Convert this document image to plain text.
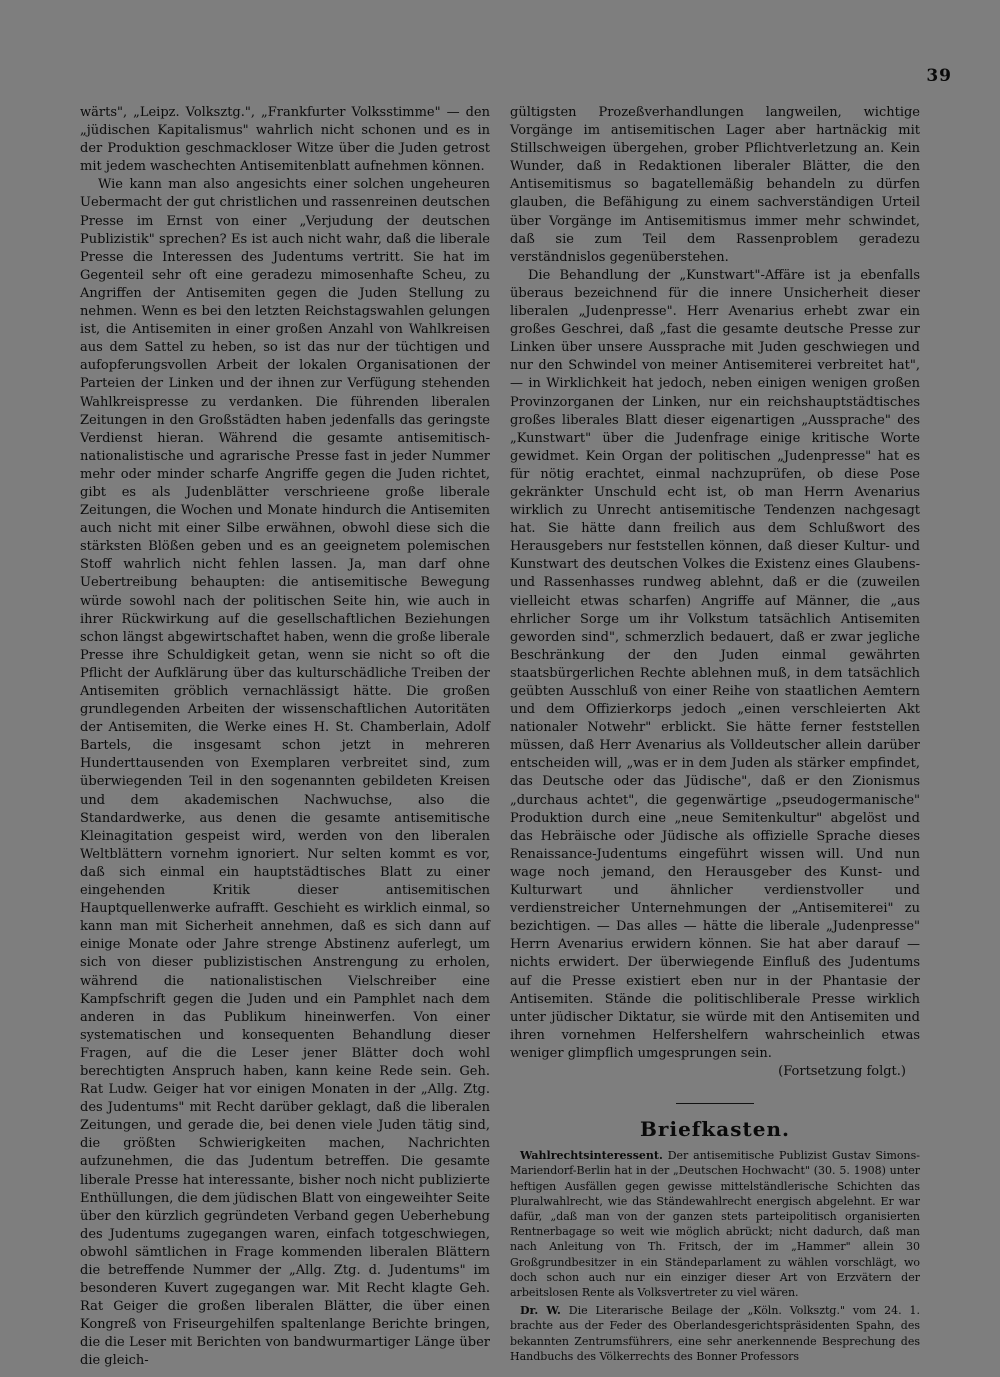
39

wärts", „Leipz. Volksztg.", „Frankfurter Volksstimme" — den „jüdischen Kapitalismus" wahrlich nicht schonen und es in der Produktion geschmackloser Witze über die Juden getrost mit jedem waschechten Antisemitenblatt aufnehmen können.

Wie kann man also angesichts einer solchen ungeheuren Uebermacht der gut christlichen und rassenreinen deutschen Presse im Ernst von einer „Verjudung der deutschen Publizistik" sprechen? Es ist auch nicht wahr, daß die liberale Presse die Interessen des Judentums vertritt. Sie hat im Gegenteil sehr oft eine geradezu mimosenhafte Scheu, zu Angriffen der Antisemiten gegen die Juden Stellung zu nehmen. Wenn es bei den letzten Reichstagswahlen gelungen ist, die Antisemiten in einer großen Anzahl von Wahlkreisen aus dem Sattel zu heben, so ist das nur der tüchtigen und aufopferungsvollen Arbeit der lokalen Organisationen der Parteien der Linken und der ihnen zur Verfügung stehenden Wahlkreispresse zu verdanken. Die führenden liberalen Zeitungen in den Großstädten haben jedenfalls das geringste Verdienst hieran. Während die gesamte antisemitisch-nationalistische und agrarische Presse fast in jeder Nummer mehr oder minder scharfe Angriffe gegen die Juden richtet, gibt es als Judenblätter verschrieene große liberale Zeitungen, die Wochen und Monate hindurch die Antisemiten auch nicht mit einer Silbe erwähnen, obwohl diese sich die stärksten Blößen geben und es an geeignetem polemischen Stoff wahrlich nicht fehlen lassen. Ja, man darf ohne Uebertreibung behaupten: die antisemitische Bewegung würde sowohl nach der politischen Seite hin, wie auch in ihrer Rückwirkung auf die gesellschaftlichen Beziehungen schon längst abgewirtschaftet haben, wenn die große liberale Presse ihre Schuldigkeit getan, wenn sie nicht so oft die Pflicht der Aufklärung über das kulturschädliche Treiben der Antisemiten gröblich vernachlässigt hätte. Die großen grundlegenden Arbeiten der wissenschaftlichen Autoritäten der Antisemiten, die Werke eines H. St. Chamberlain, Adolf Bartels, die insgesamt schon jetzt in mehreren Hunderttausenden von Exemplaren verbreitet sind, zum überwiegenden Teil in den sogenannten gebildeten Kreisen und dem akademischen Nachwuchse, also die Standardwerke, aus denen die gesamte antisemitische Kleinagitation gespeist wird, werden von den liberalen Weltblättern vornehm ignoriert. Nur selten kommt es vor, daß sich einmal ein hauptstädtisches Blatt zu einer eingehenden Kritik dieser antisemitischen Hauptquellenwerke aufrafft. Geschieht es wirklich einmal, so kann man mit Sicherheit annehmen, daß es sich dann auf einige Monate oder Jahre strenge Abstinenz auferlegt, um sich von dieser publizistischen Anstrengung zu erholen, während die nationalistischen Vielschreiber eine Kampfschrift gegen die Juden und ein Pamphlet nach dem anderen in das Publikum hineinwerfen. Von einer systematischen und konsequenten Behandlung dieser Fragen, auf die die Leser jener Blätter doch wohl berechtigten Anspruch haben, kann keine Rede sein. Geh. Rat Ludw. Geiger hat vor einigen Monaten in der „Allg. Ztg. des Judentums" mit Recht darüber geklagt, daß die liberalen Zeitungen, und gerade die, bei denen viele Juden tätig sind, die größten Schwierigkeiten machen, Nachrichten aufzunehmen, die das Judentum betreffen. Die gesamte liberale Presse hat interessante, bisher noch nicht publizierte Enthüllungen, die dem jüdischen Blatt von eingeweihter Seite über den kürzlich gegründeten Verband gegen Ueberhebung des Judentums zugegangen waren, einfach totgeschwiegen, obwohl sämtlichen in Frage kommenden liberalen Blättern die betreffende Nummer der „Allg. Ztg. d. Judentums" im besonderen Kuvert zugegangen war. Mit Recht klagte Geh. Rat Geiger die großen liberalen Blätter, die über einen Kongreß von Friseurgehilfen spaltenlange Berichte bringen, die die Leser mit Berichten von bandwurmartiger Länge über die gleich-

gültigsten Prozeßverhandlungen langweilen, wichtige Vorgänge im antisemitischen Lager aber hartnäckig mit Stillschweigen übergehen, grober Pflichtverletzung an. Kein Wunder, daß in Redaktionen liberaler Blätter, die den Antisemitismus so bagatellemäßig behandeln zu dürfen glauben, die Befähigung zu einem sachverständigen Urteil über Vorgänge im Antisemitismus immer mehr schwindet, daß sie zum Teil dem Rassenproblem geradezu verständnislos gegenüberstehen.

Die Behandlung der „Kunstwart"-Affäre ist ja ebenfalls überaus bezeichnend für die innere Unsicherheit dieser liberalen „Judenpresse". Herr Avenarius erhebt zwar ein großes Geschrei, daß „fast die gesamte deutsche Presse zur Linken über unsere Aussprache mit Juden geschwiegen und nur den Schwindel von meiner Antisemiterei verbreitet hat", — in Wirklichkeit hat jedoch, neben einigen wenigen großen Provinzorganen der Linken, nur ein reichshauptstädtisches großes liberales Blatt dieser eigenartigen „Aussprache" des „Kunstwart" über die Judenfrage einige kritische Worte gewidmet. Kein Organ der politischen „Judenpresse" hat es für nötig erachtet, einmal nachzuprüfen, ob diese Pose gekränkter Unschuld echt ist, ob man Herrn Avenarius wirklich zu Unrecht antisemitische Tendenzen nachgesagt hat. Sie hätte dann freilich aus dem Schlußwort des Herausgebers nur feststellen können, daß dieser Kultur- und Kunstwart des deutschen Volkes die Existenz eines Glaubens- und Rassenhasses rundweg ablehnt, daß er die (zuweilen vielleicht etwas scharfen) Angriffe auf Männer, die „aus ehrlicher Sorge um ihr Volkstum tatsächlich Antisemiten geworden sind", schmerzlich bedauert, daß er zwar jegliche Beschränkung der den Juden einmal gewährten staatsbürgerlichen Rechte ablehnen muß, in dem tatsächlich geübten Ausschluß von einer Reihe von staatlichen Aemtern und dem Offizierkorps jedoch „einen verschleierten Akt nationaler Notwehr" erblickt. Sie hätte ferner feststellen müssen, daß Herr Avenarius als Volldeutscher allein darüber entscheiden will, „was er in dem Juden als stärker empfindet, das Deutsche oder das Jüdische", daß er den Zionismus „durchaus achtet", die gegenwärtige „pseudogermanische" Produktion durch eine „neue Semitenkultur" abgelöst und das Hebräische oder Jüdische als offizielle Sprache dieses Renaissance-Judentums eingeführt wissen will. Und nun wage noch jemand, den Herausgeber des Kunst- und Kulturwart und ähnlicher verdienstvoller und verdienstreicher Unternehmungen der „Antisemiterei" zu bezichtigen. — Das alles — hätte die liberale „Judenpresse" Herrn Avenarius erwidern können. Sie hat aber darauf — nichts erwidert. Der überwiegende Einfluß des Judentums auf die Presse existiert eben nur in der Phantasie der Antisemiten. Stände die politischliberale Presse wirklich unter jüdischer Diktatur, sie würde mit den Antisemiten und ihren vornehmen Helfershelfern wahrscheinlich etwas weniger glimpflich umgesprungen sein.

(Fortsetzung folgt.)

Briefkasten.

Wahlrechtsinteressent. Der antisemitische Publizist Gustav Simons-Mariendorf-Berlin hat in der „Deutschen Hochwacht" (30. 5. 1908) unter heftigen Ausfällen gegen gewisse mittelständlerische Schichten das Pluralwahlrecht, wie das Ständewahlrecht energisch abgelehnt. Er war dafür, „daß man von der ganzen stets parteipolitisch organisierten Rentnerbagage so weit wie möglich abrückt; nicht dadurch, daß man nach Anleitung von Th. Fritsch, der im „Hammer" allein 30 Großgrundbesitzer in ein Ständeparlament zu wählen vorschlägt, wo doch schon auch nur ein einziger dieser Art von Erzvätern der arbeitslosen Rente als Volksvertreter zu viel wären.

Dr. W. Die Literarische Beilage der „Köln. Volksztg." vom 24. 1. brachte aus der Feder des Oberlandesgerichtspräsidenten Spahn, des bekannten Zentrumsführers, eine sehr anerkennende Besprechung des Handbuchs des Völkerrechts des Bonner Professors
